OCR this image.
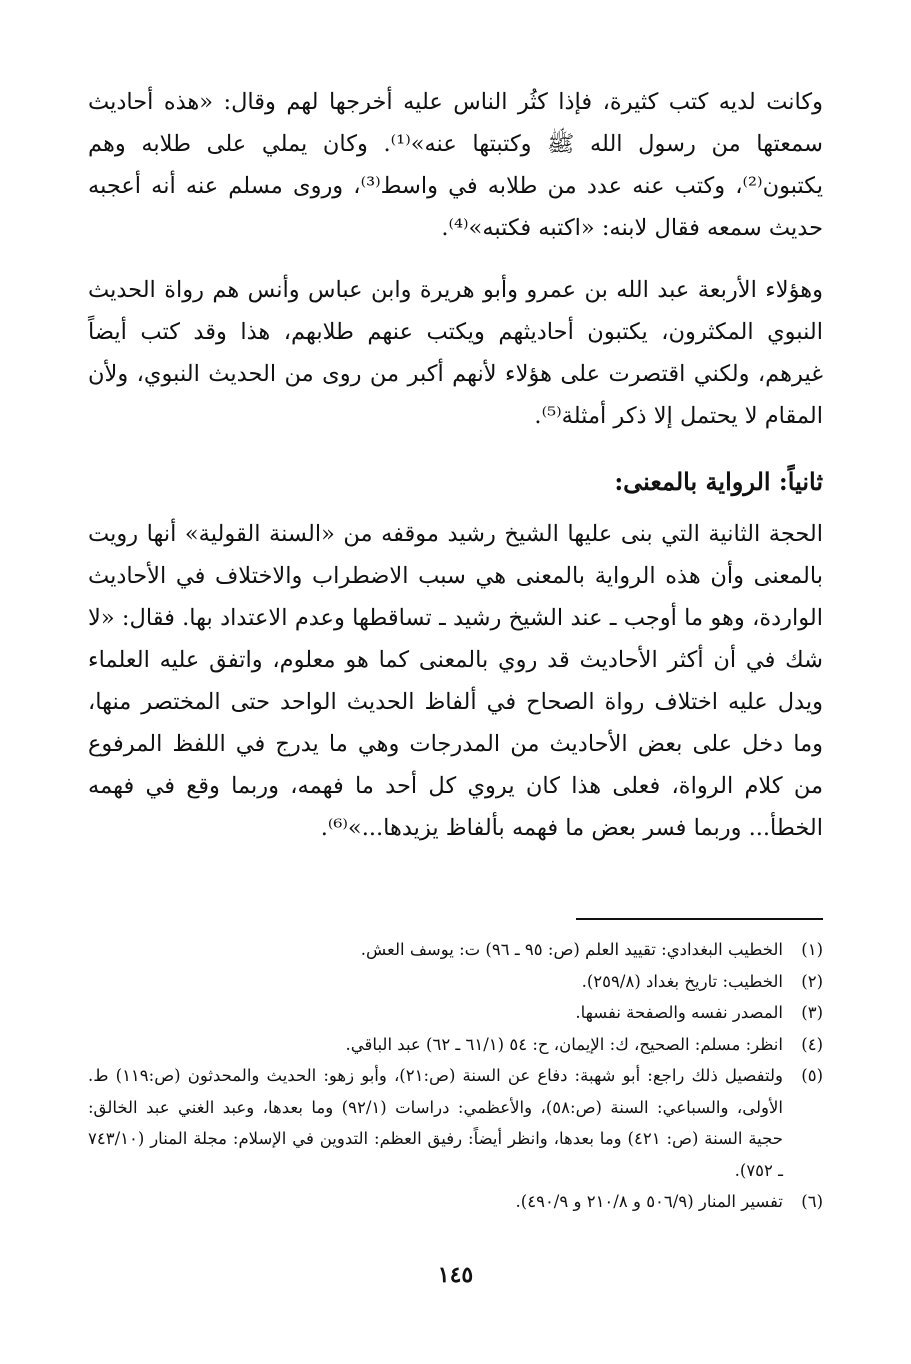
وكانت لديه كتب كثيرة، فإذا كثُر الناس عليه أخرجها لهم وقال: «هذه أحاديث سمعتها من رسول الله ﷺ وكتبتها عنه»⁽¹⁾. وكان يملي على طلابه وهم يكتبون⁽²⁾، وكتب عنه عدد من طلابه في واسط⁽³⁾، وروى مسلم عنه أنه أعجبه حديث سمعه فقال لابنه: «اكتبه فكتبه»⁽⁴⁾.

وهؤلاء الأربعة عبد الله بن عمرو وأبو هريرة وابن عباس وأنس هم رواة الحديث النبوي المكثرون، يكتبون أحاديثهم ويكتب عنهم طلابهم، هذا وقد كتب أيضاً غيرهم، ولكني اقتصرت على هؤلاء لأنهم أكبر من روى من الحديث النبوي، ولأن المقام لا يحتمل إلا ذكر أمثلة⁽⁵⁾.

ثانياً: الرواية بالمعنى:

الحجة الثانية التي بنى عليها الشيخ رشيد موقفه من «السنة القولية» أنها رويت بالمعنى وأن هذه الرواية بالمعنى هي سبب الاضطراب والاختلاف في الأحاديث الواردة، وهو ما أوجب ـ عند الشيخ رشيد ـ تساقطها وعدم الاعتداد بها. فقال: «لا شك في أن أكثر الأحاديث قد روي بالمعنى كما هو معلوم، واتفق عليه العلماء ويدل عليه اختلاف رواة الصحاح في ألفاظ الحديث الواحد حتى المختصر منها، وما دخل على بعض الأحاديث من المدرجات وهي ما يدرج في اللفظ المرفوع من كلام الرواة، فعلى هذا كان يروي كل أحد ما فهمه، وربما وقع في فهمه الخطأ... وربما فسر بعض ما فهمه بألفاظ يزيدها...»⁽⁶⁾.

(١)
الخطيب البغدادي: تقييد العلم (ص: ٩٥ ـ ٩٦) ت: يوسف العش.
(٢)
الخطيب: تاريخ بغداد (٢٥٩/٨).
(٣)
المصدر نفسه والصفحة نفسها.
(٤)
انظر: مسلم: الصحيح، ك: الإيمان، ح: ٥٤ (٦١/١ ـ ٦٢) عبد الباقي.
(٥)
ولتفصيل ذلك راجع: أبو شهبة: دفاع عن السنة (ص:٢١)، وأبو زهو: الحديث والمحدثون (ص:١١٩) ط. الأولى، والسباعي: السنة (ص:٥٨)، والأعظمي: دراسات (٩٢/١) وما بعدها، وعبد الغني عبد الخالق: حجية السنة (ص: ٤٢١) وما بعدها، وانظر أيضاً: رفيق العظم: التدوين في الإسلام: مجلة المنار (٧٤٣/١٠ ـ ٧٥٢).
(٦)
تفسير المنار (٥٠٦/٩ و ٢١٠/٨ و ٤٩٠/٩).
١٤٥
